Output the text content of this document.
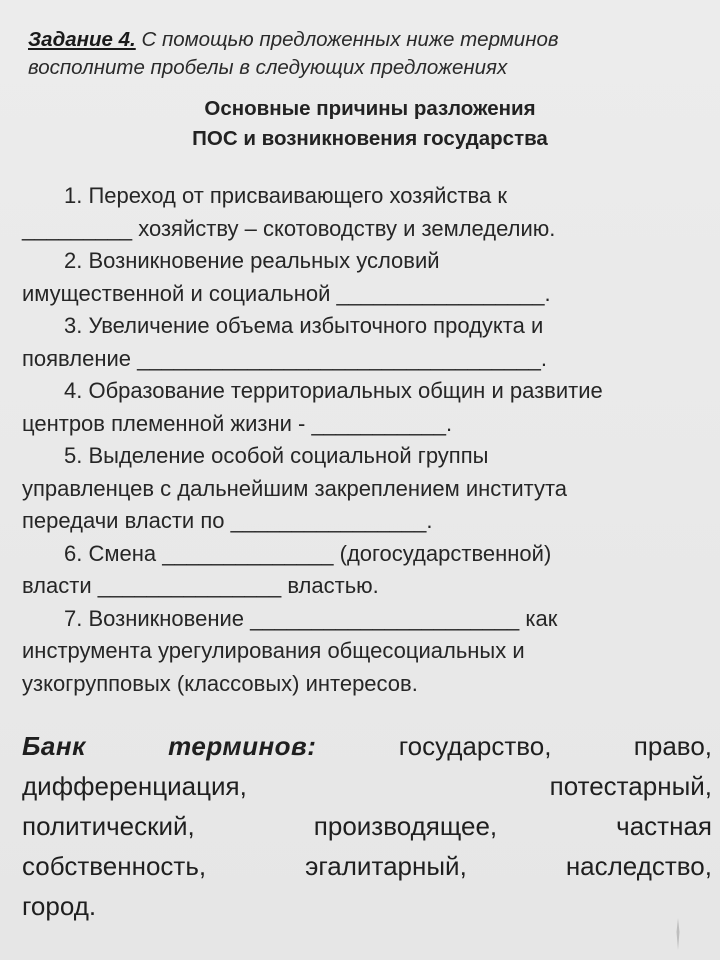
Задание 4. С помощью предложенных ниже терминов
восполните пробелы в следующих предложениях
Основные причины разложения
ПОС и возникновения государства

1. Переход от присваивающего хозяйства к
_________ хозяйству – скотоводству и земледелию.

2. Возникновение реальных условий
имущественной и социальной _________________.

3. Увеличение объема избыточного продукта и
появление _________________________________.

4. Образование территориальных общин и развитие
центров племенной жизни - ___________.

5. Выделение особой социальной группы
управленцев с дальнейшим закреплением института
передачи власти по ________________.

6. Смена ______________ (догосударственной)
власти _______________ властью.

7. Возникновение ______________________ как
инструмента урегулирования общесоциальных и
узкогрупповых (классовых) интересов.

Банк	терминов:	государство,	право,
дифференциация,	потестарный,
политический,	производящее,	частная
собственность,	эгалитарный,	наследство,
город.
